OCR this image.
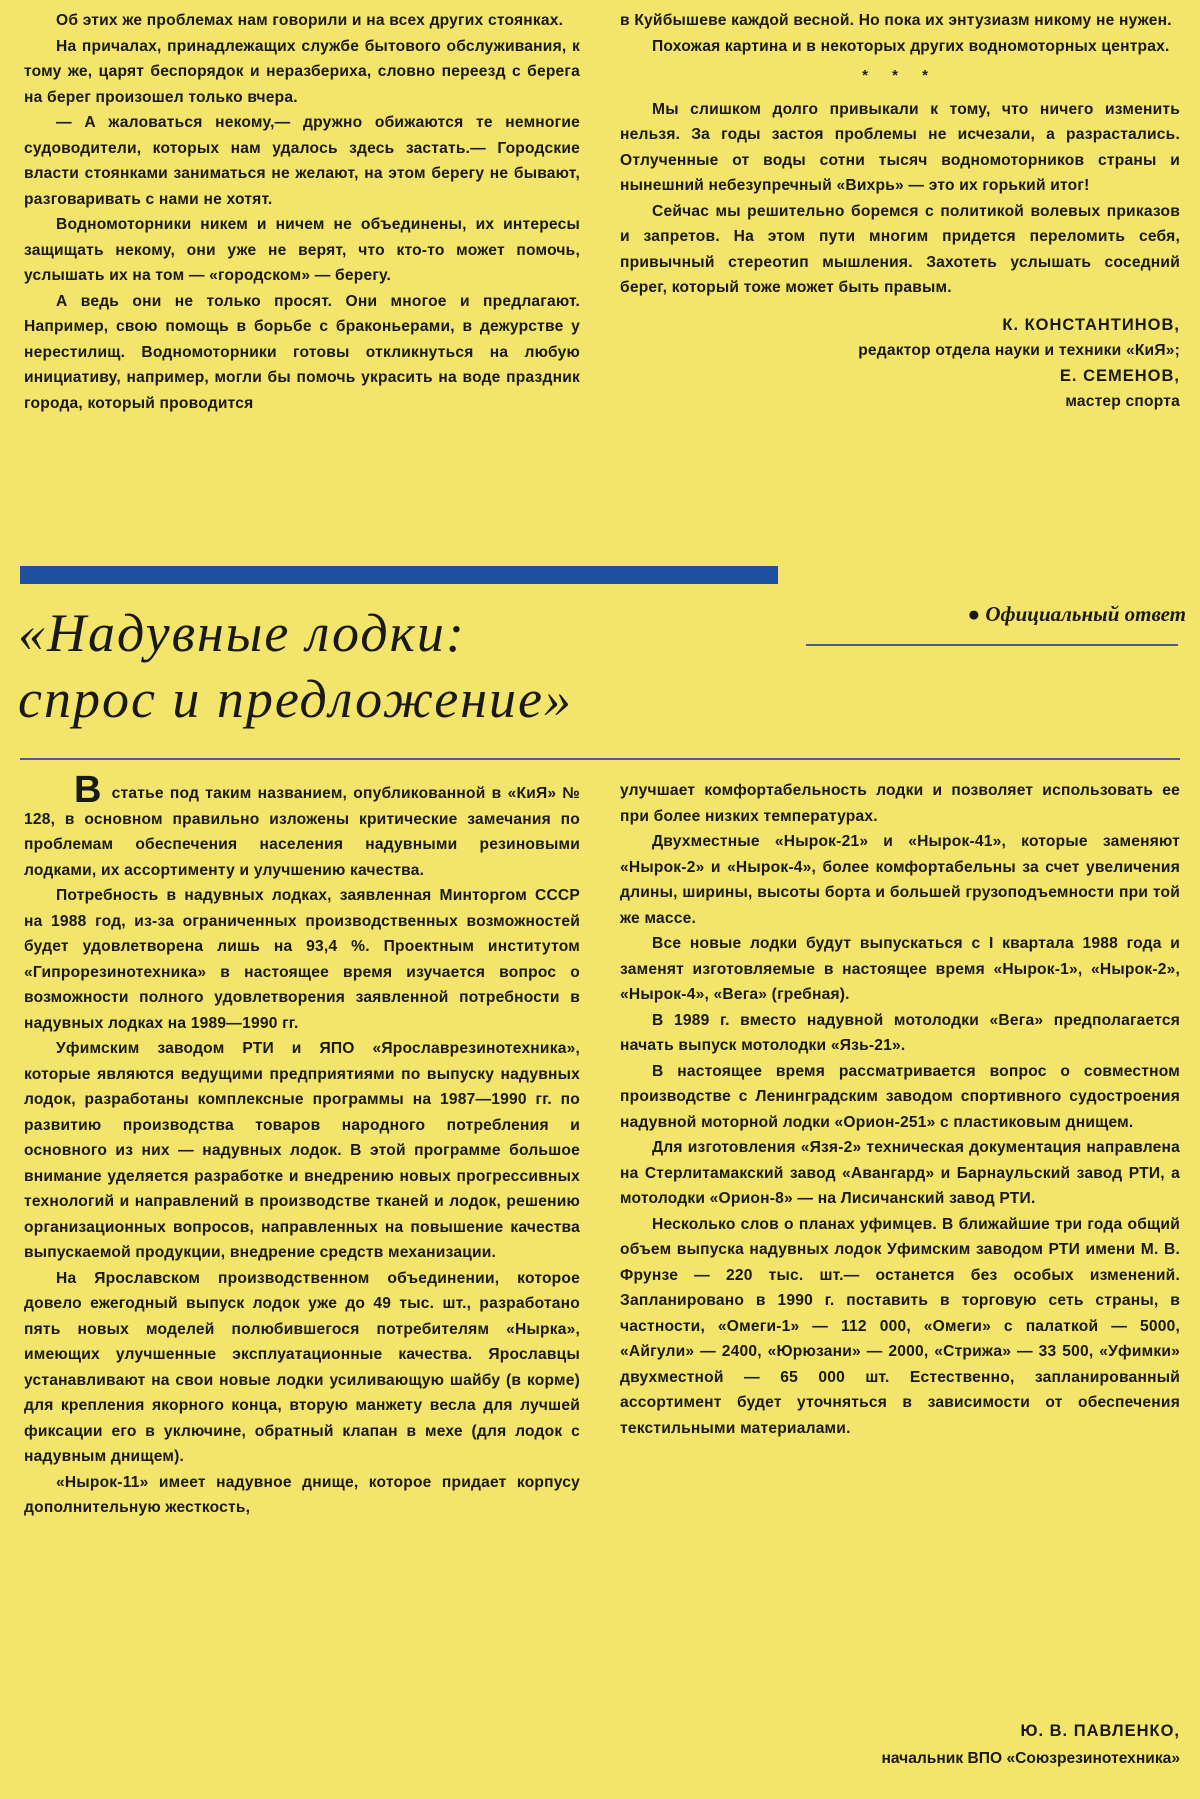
Об этих же проблемах нам говорили и на всех других стоянках.

На причалах, принадлежащих службе бытового обслуживания, к тому же, царят беспорядок и неразбериха, словно переезд с берега на берег произошел только вчера.

— А жаловаться некому,— дружно обижаются те немногие судоводители, которых нам удалось здесь застать.— Городские власти стоянками заниматься не желают, на этом берегу не бывают, разговаривать с нами не хотят.

Водномоторники никем и ничем не объединены, их интересы защищать некому, они уже не верят, что кто-то может помочь, услышать их на том — «городском» — берегу.

А ведь они не только просят. Они многое и предлагают. Например, свою помощь в борьбе с браконьерами, в дежурстве у нерестилищ. Водномоторники готовы откликнуться на любую инициативу, например, могли бы помочь украсить на воде праздник города, который проводится

в Куйбышеве каждой весной. Но пока их энтузиазм никому не нужен.

Похожая картина и в некоторых других водномоторных центрах.

* * *

Мы слишком долго привыкали к тому, что ничего изменить нельзя. За годы застоя проблемы не исчезали, а разрастались. Отлученные от воды сотни тысяч водномоторников страны и нынешний небезупречный «Вихрь» — это их горький итог!

Сейчас мы решительно боремся с политикой волевых приказов и запретов. На этом пути многим придется переломить себя, привычный стереотип мышления. Захотеть услышать соседний берег, который тоже может быть правым.

К. КОНСТАНТИНОВ,
редактор отдела науки и техники «КиЯ»;
Е. СЕМЕНОВ,
мастер спорта
«Надувные лодки:
спрос и предложение»
● Официальный ответ

Встатье под таким названием, опубликованной в «КиЯ» № 128, в основном правильно изложены критические замечания по проблемам обеспечения населения надувными резиновыми лодками, их ассортименту и улучшению качества.

Потребность в надувных лодках, заявленная Минторгом СССР на 1988 год, из-за ограниченных производственных возможностей будет удовлетворена лишь на 93,4 %. Проектным институтом «Гипрорезинотехника» в настоящее время изучается вопрос о возможности полного удовлетворения заявленной потребности в надувных лодках на 1989—1990 гг.

Уфимским заводом РТИ и ЯПО «Ярославрезинотехника», которые являются ведущими предприятиями по выпуску надувных лодок, разработаны комплексные программы на 1987—1990 гг. по развитию производства товаров народного потребления и основного из них — надувных лодок. В этой программе большое внимание уделяется разработке и внедрению новых прогрессивных технологий и направлений в производстве тканей и лодок, решению организационных вопросов, направленных на повышение качества выпускаемой продукции, внедрение средств механизации.

На Ярославском производственном объединении, которое довело ежегодный выпуск лодок уже до 49 тыс. шт., разработано пять новых моделей полюбившегося потребителям «Нырка», имеющих улучшенные эксплуатационные качества. Ярославцы устанавливают на свои новые лодки усиливающую шайбу (в корме) для крепления якорного конца, вторую манжету весла для лучшей фиксации его в уключине, обратный клапан в мехе (для лодок с надувным днищем).

«Нырок-11» имеет надувное днище, которое придает корпусу дополнительную жесткость,

улучшает комфортабельность лодки и позволяет использовать ее при более низких температурах.

Двухместные «Нырок-21» и «Нырок-41», которые заменяют «Нырок-2» и «Нырок-4», более комфортабельны за счет увеличения длины, ширины, высоты борта и большей грузоподъемности при той же массе.

Все новые лодки будут выпускаться с I квартала 1988 года и заменят изготовляемые в настоящее время «Нырок-1», «Нырок-2», «Нырок-4», «Вега» (гребная).

В 1989 г. вместо надувной мотолодки «Вега» предполагается начать выпуск мотолодки «Язь-21».

В настоящее время рассматривается вопрос о совместном производстве с Ленинградским заводом спортивного судостроения надувной моторной лодки «Орион-251» с пластиковым днищем.

Для изготовления «Язя-2» техническая документация направлена на Стерлитамакский завод «Авангард» и Барнаульский завод РТИ, а мотолодки «Орион-8» — на Лисичанский завод РТИ.

Несколько слов о планах уфимцев. В ближайшие три года общий объем выпуска надувных лодок Уфимским заводом РТИ имени М. В. Фрунзе — 220 тыс. шт.— останется без особых изменений. Запланировано в 1990 г. поставить в торговую сеть страны, в частности, «Омеги-1» — 112 000, «Омеги» с палаткой — 5000, «Айгули» — 2400, «Юрюзани» — 2000, «Стрижа» — 33 500, «Уфимки» двухместной — 65 000 шт. Естественно, запланированный ассортимент будет уточняться в зависимости от обеспечения текстильными материалами.

Ю. В. ПАВЛЕНКО,
начальник ВПО «Союзрезинотехника»
